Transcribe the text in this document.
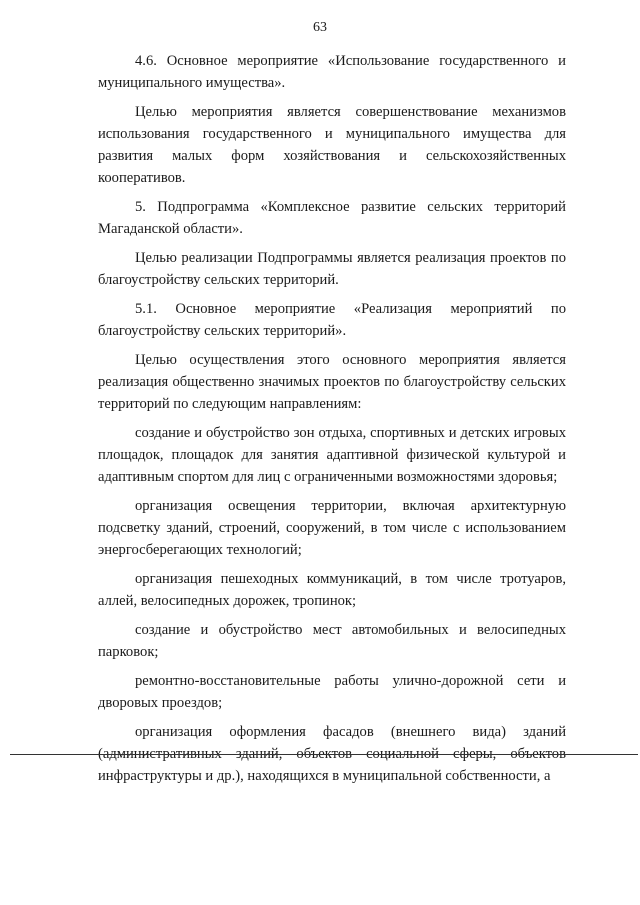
63

4.6. Основное мероприятие «Использование государственного и муниципального имущества».

Целью мероприятия является совершенствование механизмов использования государственного и муниципального имущества для развития малых форм хозяйствования и сельскохозяйственных кооперативов.

5. Подпрограмма «Комплексное развитие сельских территорий Магаданской области».

Целью реализации Подпрограммы является реализация проектов по благоустройству сельских территорий.

5.1. Основное мероприятие «Реализация мероприятий по благоустройству сельских территорий».

Целью осуществления этого основного мероприятия является реализация общественно значимых проектов по благоустройству сельских территорий по следующим направлениям:

создание и обустройство зон отдыха, спортивных и детских игровых площадок, площадок для занятия адаптивной физической культурой и адаптивным спортом для лиц с ограниченными возможностями здоровья;

организация освещения территории, включая архитектурную подсветку зданий, строений, сооружений, в том числе с использованием энергосберегающих технологий;

организация пешеходных коммуникаций, в том числе тротуаров, аллей, велосипедных дорожек, тропинок;

создание и обустройство мест автомобильных и велосипедных парковок;

ремонтно-восстановительные работы улично-дорожной сети и дворовых проездов;

организация оформления фасадов (внешнего вида) зданий (административных зданий, объектов социальной сферы, объектов инфраструктуры и др.), находящихся в муниципальной собственности, а
